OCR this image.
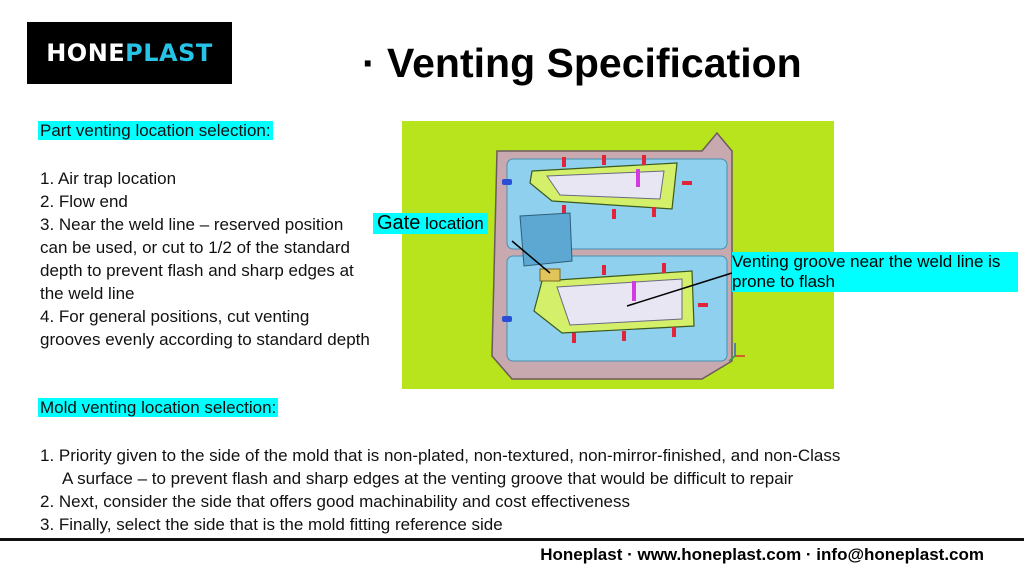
HONE PLAST	· Venting Specification
Part venting location selection:
1. Air trap location
2. Flow end
3. Near the weld line – reserved position can be used, or cut to 1/2 of the standard depth to prevent flash and sharp edges at the weld line
4. For general positions, cut venting grooves evenly according to standard depth
Gate location
Venting groove near the weld line is prone to flash
Mold venting location selection:
1. Priority given to the side of the mold that is non-plated, non-textured, non-mirror-finished, and non-Class
A surface – to prevent flash and sharp edges at the venting groove that would be difficult to repair
2. Next, consider the side that offers good machinability and cost effectiveness
3. Finally, select the side that is the mold fitting reference side
Honeplast · www.honeplast.com · info@honeplast.com
